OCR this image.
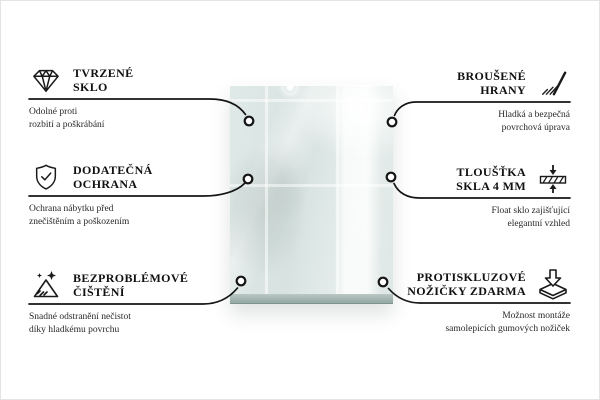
TVRZENÉ
SKLO
Odolné proti
rozbití a poškrábání
DODATEČNÁ
OCHRANA
Ochrana nábytku před
znečištěním a poškozením
BEZPROBLÉMOVÉ
ČIŠTĚNÍ
Snadné odstranění nečistot
díky hladkému povrchu
BROUŠENÉ
HRANY
Hladká a bezpečná
povrchová úprava
TLOUŠŤKA
SKLA 4 MM
Float sklo zajišťující
elegantní vzhled
PROTISKLUZOVÉ
NOŽIČKY ZDARMA
Možnost montáže
samolepicích gumových nožiček
